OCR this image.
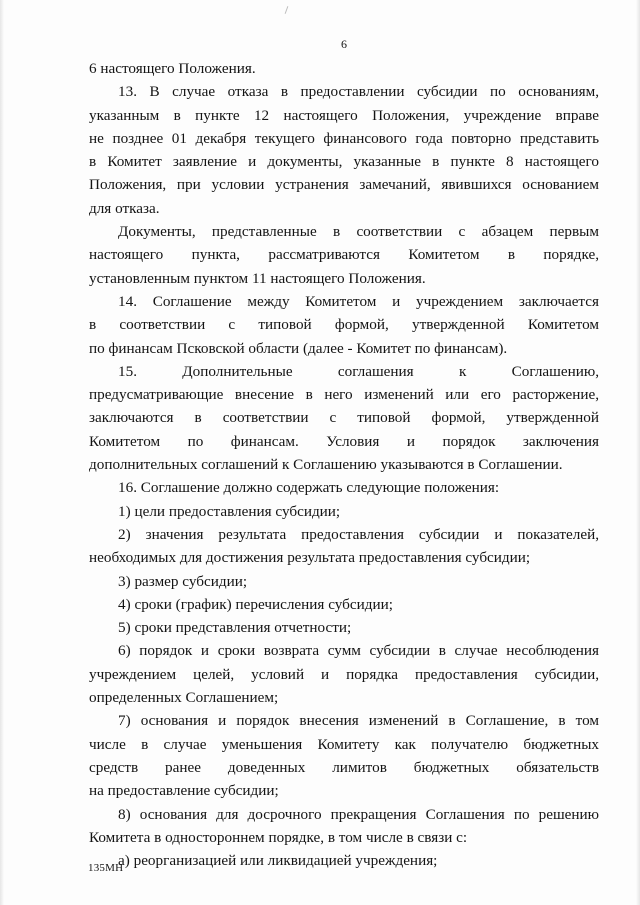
6
6 настоящего Положения.
13. В случае отказа в предоставлении субсидии по основаниям,
указанным в пункте 12 настоящего Положения, учреждение вправе
не позднее 01 декабря текущего финансового года повторно представить
в Комитет заявление и документы, указанные в пункте 8 настоящего
Положения, при условии устранения замечаний, явившихся основанием
для отказа.
Документы, представленные в соответствии с абзацем первым
настоящего пункта, рассматриваются Комитетом в порядке,
установленным пунктом 11 настоящего Положения.
14. Соглашение между Комитетом и учреждением заключается
в соответствии с типовой формой, утвержденной Комитетом
по финансам Псковской области (далее - Комитет по финансам).
15. Дополнительные соглашения к Соглашению,
предусматривающие внесение в него изменений или его расторжение,
заключаются в соответствии с типовой формой, утвержденной
Комитетом по финансам. Условия и порядок заключения
дополнительных соглашений к Соглашению указываются в Соглашении.
16. Соглашение должно содержать следующие положения:
1) цели предоставления субсидии;
2) значения результата предоставления субсидии и показателей,
необходимых для достижения результата предоставления субсидии;
3) размер субсидии;
4) сроки (график) перечисления субсидии;
5) сроки представления отчетности;
6) порядок и сроки возврата сумм субсидии в случае несоблюдения
учреждением целей, условий и порядка предоставления субсидии,
определенных Соглашением;
7) основания и порядок внесения изменений в Соглашение, в том
числе в случае уменьшения Комитету как получателю бюджетных
средств ранее доведенных лимитов бюджетных обязательств
на предоставление субсидии;
8) основания для досрочного прекращения Соглашения по решению
Комитета в одностороннем порядке, в том числе в связи с:
а) реорганизацией или ликвидацией учреждения;
135МН
